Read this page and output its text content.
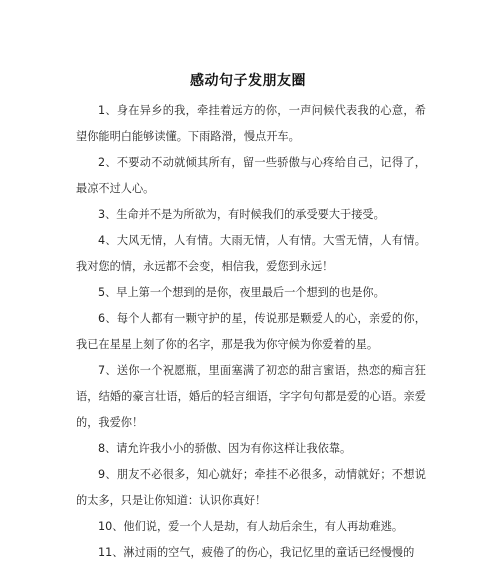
感动句子发朋友圈

1、身在异乡的我，牵挂着远方的你，一声问候代表我的心意，希望你能明白能够读懂。下雨路滑，慢点开车。

2、不要动不动就倾其所有，留一些骄傲与心疼给自己，记得了，最凉不过人心。

3、生命并不是为所欲为，有时候我们的承受要大于接受。

4、大风无情，人有情。大雨无情，人有情。大雪无情，人有情。我对您的情，永远都不会变，相信我，爱您到永远！

5、早上第一个想到的是你，夜里最后一个想到的也是你。

6、每个人都有一颗守护的星，传说那是颗爱人的心，亲爱的你，我已在星星上刻了你的名字，那是我为你守候为你爱着的星。

7、送你一个祝愿瓶，里面塞满了初恋的甜言蜜语，热恋的痴言狂语，结婚的豪言壮语，婚后的轻言细语，字字句句都是爱的心语。亲爱的，我爱你！

8、请允许我小小的骄傲、因为有你这样让我依靠。

9、朋友不必很多，知心就好；牵挂不必很多，动情就好；不想说的太多，只是让你知道：认识你真好！

10、他们说，爱一个人是劫，有人劫后余生，有人再劫难逃。

11、淋过雨的空气，疲倦了的伤心，我记忆里的童话已经慢慢的
